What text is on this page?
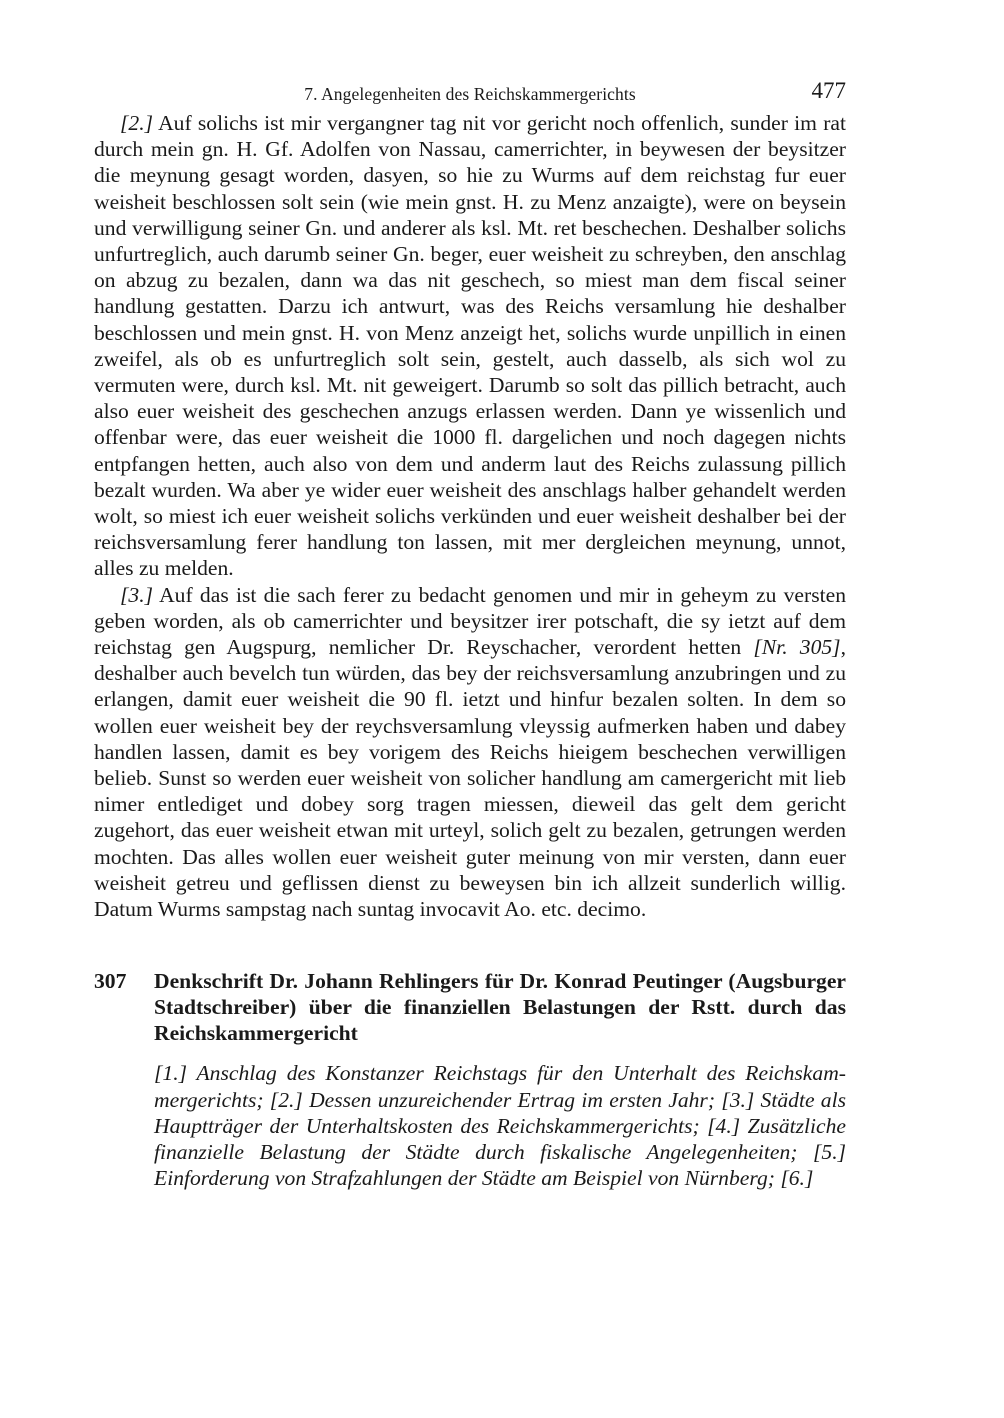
7. Angelegenheiten des Reichskammergerichts	477

[2.] Auf solichs ist mir vergangner tag nit vor gericht noch offenlich, sunder im rat durch mein gn. H. Gf. Adolfen von Nassau, camerrichter, in beywesen der beysitzer die meynung gesagt worden, dasyen, so hie zu Wurms auf dem reichstag fur euer weisheit beschlossen solt sein (wie mein gnst. H. zu Menz anzaigte), were on beysein und verwilligung seiner Gn. und anderer als ksl. Mt. ret beschechen. Deshalber solichs unfurtreglich, auch darumb seiner Gn. beger, euer weisheit zu schreyben, den anschlag on abzug zu bezalen, dann wa das nit geschech, so miest man dem fiscal seiner handlung gestatten. Darzu ich antwurt, was des Reichs versamlung hie deshalber beschlossen und mein gnst. H. von Menz anzeigt het, solichs wurde unpillich in einen zweifel, als ob es unfurtreglich solt sein, gestelt, auch dasselb, als sich wol zu vermuten were, durch ksl. Mt. nit geweigert. Darumb so solt das pillich betracht, auch also euer weisheit des geschechen anzugs erlassen werden. Dann ye wissenlich und offenbar were, das euer weisheit die 1000 fl. dargelichen und noch dagegen nichts entpfangen hetten, auch also von dem und anderm laut des Reichs zulassung pillich bezalt wurden. Wa aber ye wider euer weisheit des anschlags halber gehandelt werden wolt, so miest ich euer weisheit solichs verkünden und euer weisheit deshalber bei der reichsversamlung ferer handlung ton lassen, mit mer dergleichen meynung, unnot, alles zu melden.

[3.] Auf das ist die sach ferer zu bedacht genomen und mir in geheym zu versten geben worden, als ob camerrichter und beysitzer irer potschaft, die sy ietzt auf dem reichstag gen Augspurg, nemlicher Dr. Reyschacher, verordent hetten [Nr. 305], deshalber auch bevelch tun würden, das bey der reichsversamlung anzubringen und zu erlangen, damit euer weisheit die 90 fl. ietzt und hinfur bezalen solten. In dem so wollen euer weisheit bey der reychsversamlung vleyssig aufmerken haben und dabey handlen lassen, damit es bey vorigem des Reichs hieigem beschechen verwilligen belieb. Sunst so werden euer weisheit von solicher handlung am camergericht mit lieb nimer entlediget und dobey sorg tragen miessen, dieweil das gelt dem gericht zugehort, das euer weisheit etwan mit urteyl, solich gelt zu bezalen, getrungen werden mochten. Das alles wollen euer weisheit guter meinung von mir versten, dann euer weisheit getreu und geflissen dienst zu beweysen bin ich allzeit sunderlich willig. Datum Wurms sampstag nach suntag invocavit Ao. etc. decimo.

307	Denkschrift Dr. Johann Rehlingers für Dr. Konrad Peutinger (Augsburger Stadtschreiber) über die finanziellen Belastungen der Rstt. durch das Reichskammergericht
[1.] Anschlag des Konstanzer Reichstags für den Unterhalt des Reichskammergerichts; [2.] Dessen unzureichender Ertrag im ersten Jahr; [3.] Städte als Hauptträger der Unterhaltskosten des Reichskammergerichts; [4.] Zusätzliche finanzielle Belastung der Städte durch fiskalische Angelegenheiten; [5.] Einforderung von Strafzahlungen der Städte am Beispiel von Nürnberg; [6.]
